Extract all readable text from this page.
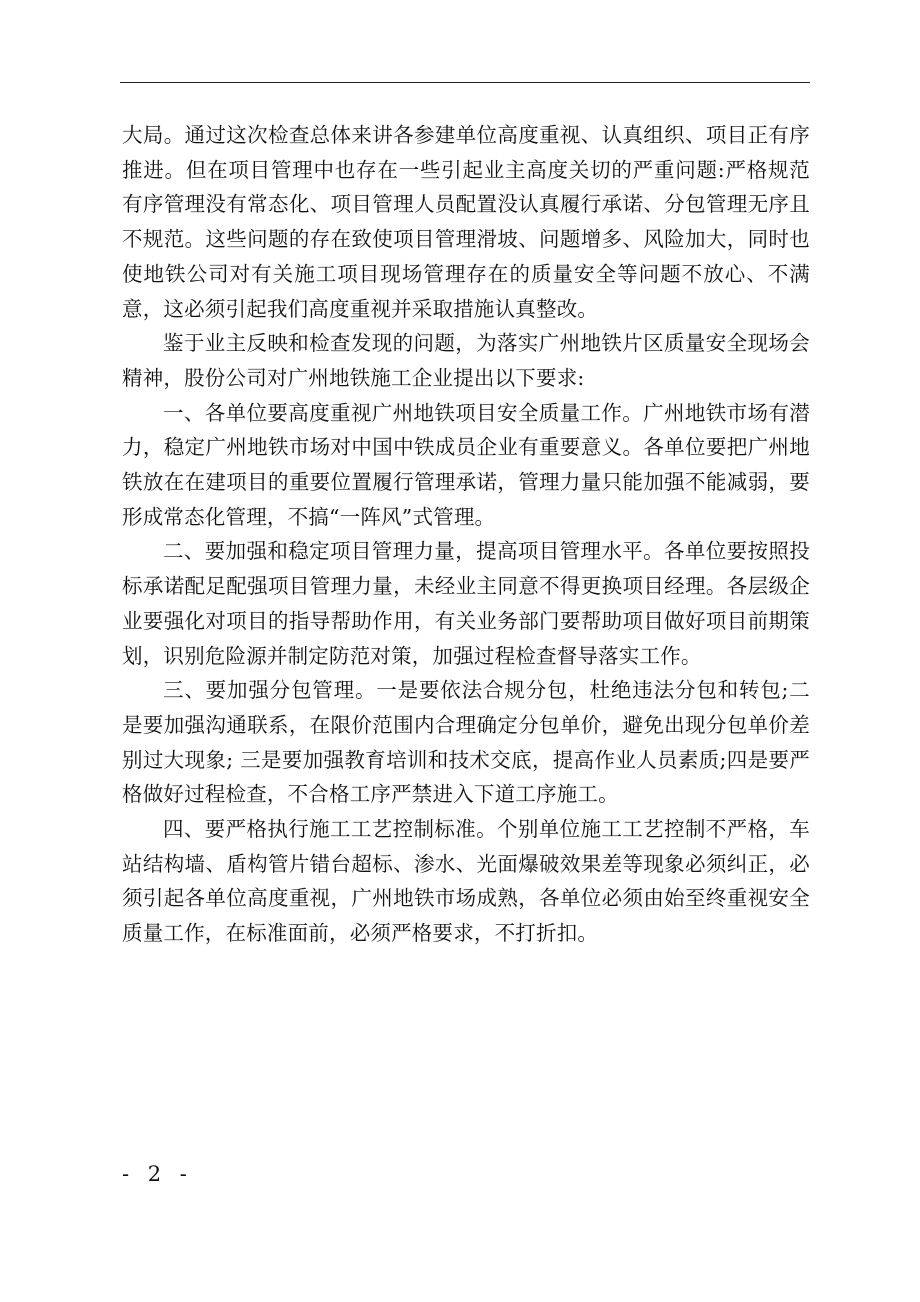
大局。通过这次检查总体来讲各参建单位高度重视、认真组织、项目正有序推进。但在项目管理中也存在一些引起业主高度关切的严重问题:严格规范有序管理没有常态化、项目管理人员配置没认真履行承诺、分包管理无序且不规范。这些问题的存在致使项目管理滑坡、问题增多、风险加大，同时也使地铁公司对有关施工项目现场管理存在的质量安全等问题不放心、不满意，这必须引起我们高度重视并采取措施认真整改。

鉴于业主反映和检查发现的问题，为落实广州地铁片区质量安全现场会精神，股份公司对广州地铁施工企业提出以下要求:

一、各单位要高度重视广州地铁项目安全质量工作。广州地铁市场有潜力，稳定广州地铁市场对中国中铁成员企业有重要意义。各单位要把广州地铁放在在建项目的重要位置履行管理承诺，管理力量只能加强不能减弱，要形成常态化管理，不搞“一阵风”式管理。

二、要加强和稳定项目管理力量，提高项目管理水平。各单位要按照投标承诺配足配强项目管理力量，未经业主同意不得更换项目经理。各层级企业要强化对项目的指导帮助作用，有关业务部门要帮助项目做好项目前期策划，识别危险源并制定防范对策，加强过程检查督导落实工作。

三、要加强分包管理。一是要依法合规分包，杜绝违法分包和转包;二是要加强沟通联系，在限价范围内合理确定分包单价，避免出现分包单价差别过大现象; 三是要加强教育培训和技术交底，提高作业人员素质;四是要严格做好过程检查，不合格工序严禁进入下道工序施工。

四、要严格执行施工工艺控制标准。个别单位施工工艺控制不严格，车站结构墙、盾构管片错台超标、渗水、光面爆破效果差等现象必须纠正，必须引起各单位高度重视，广州地铁市场成熟，各单位必须由始至终重视安全质量工作，在标准面前，必须严格要求，不打折扣。

- 2 -
